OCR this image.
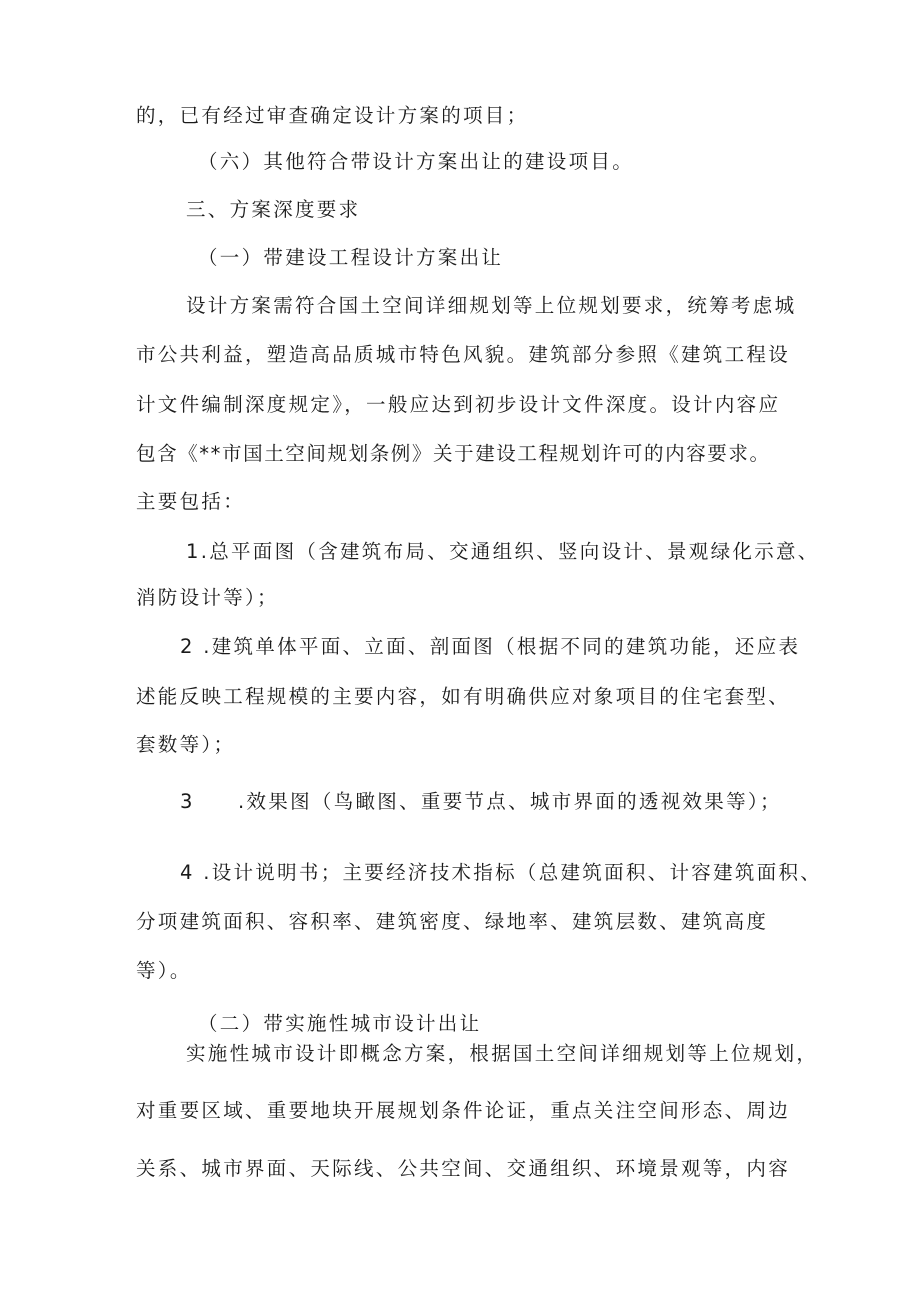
的，已有经过审查确定设计方案的项目；
（六）其他符合带设计方案出让的建设项目。
三、方案深度要求
（一）带建设工程设计方案出让
设计方案需符合国土空间详细规划等上位规划要求，统筹考虑城
市公共利益，塑造高品质城市特色风貌。建筑部分参照《建筑工程设
计文件编制深度规定》，一般应达到初步设计文件深度。设计内容应
包含《**市国土空间规划条例》关于建设工程规划许可的内容要求。
主要包括：
1.总平面图（含建筑布局、交通组织、竖向设计、景观绿化示意、
消防设计等）；
2 .建筑单体平面、立面、剖面图（根据不同的建筑功能，还应表
述能反映工程规模的主要内容，如有明确供应对象项目的住宅套型、
套数等）；
3 .效果图（鸟瞰图、重要节点、城市界面的透视效果等）；
4 .设计说明书；主要经济技术指标（总建筑面积、计容建筑面积、
分项建筑面积、容积率、建筑密度、绿地率、建筑层数、建筑高度
等）。
（二）带实施性城市设计出让
实施性城市设计即概念方案，根据国土空间详细规划等上位规划，
对重要区域、重要地块开展规划条件论证，重点关注空间形态、周边
关系、城市界面、天际线、公共空间、交通组织、环境景观等，内容
